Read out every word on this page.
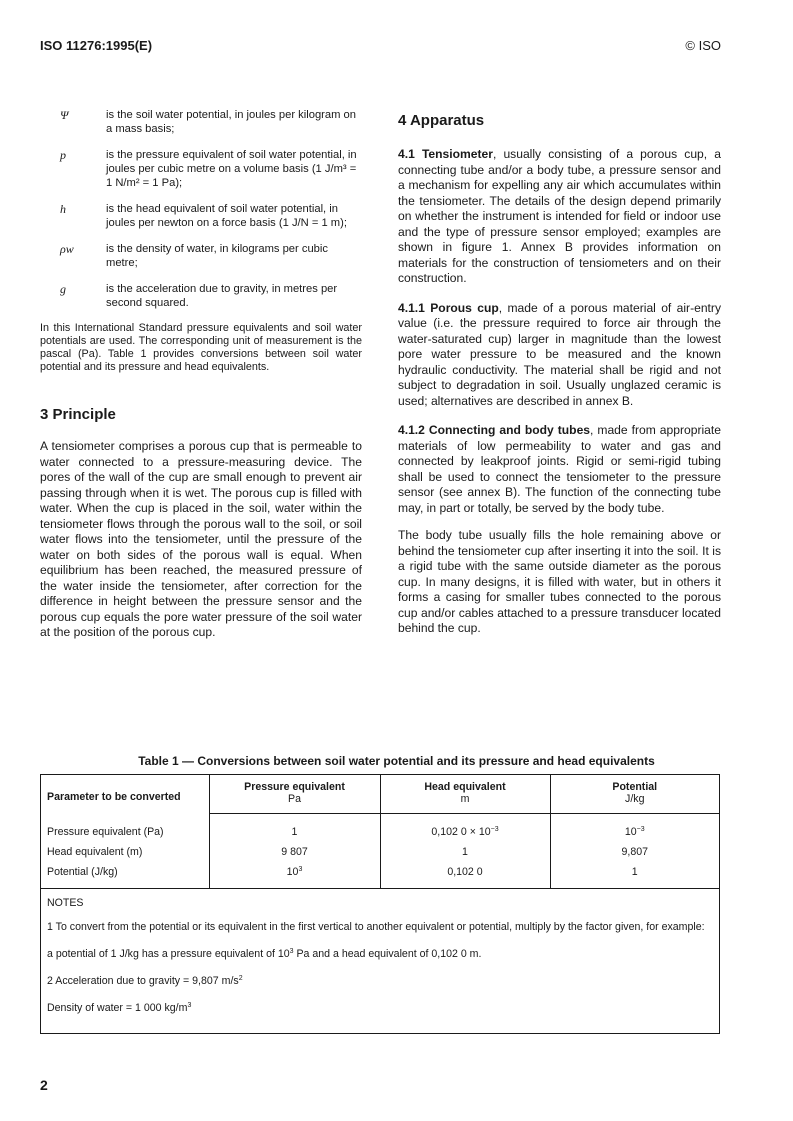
ISO 11276:1995(E)	© ISO
Ψ	is the soil water potential, in joules per kilogram on a mass basis;
p	is the pressure equivalent of soil water potential, in joules per cubic metre on a volume basis (1 J/m³ = 1 N/m² = 1 Pa);
h	is the head equivalent of soil water potential, in joules per newton on a force basis (1 J/N = 1 m);
ρw	is the density of water, in kilograms per cubic metre;
g	is the acceleration due to gravity, in metres per second squared.

In this International Standard pressure equivalents and soil water potentials are used. The corresponding unit of measurement is the pascal (Pa). Table 1 provides conversions between soil water potential and its pressure and head equivalents.

3 Principle

A tensiometer comprises a porous cup that is permeable to water connected to a pressure-measuring device. The pores of the wall of the cup are small enough to prevent air passing through when it is wet. The porous cup is filled with water. When the cup is placed in the soil, water within the tensiometer flows through the porous wall to the soil, or soil water flows into the tensiometer, until the pressure of the water on both sides of the porous wall is equal. When equilibrium has been reached, the measured pressure of the water inside the tensiometer, after correction for the difference in height between the pressure sensor and the porous cup equals the pore water pressure of the soil water at the position of the porous cup.

4 Apparatus

4.1 Tensiometer, usually consisting of a porous cup, a connecting tube and/or a body tube, a pressure sensor and a mechanism for expelling any air which accumulates within the tensiometer. The details of the design depend primarily on whether the instrument is intended for field or indoor use and the type of pressure sensor employed; examples are shown in figure 1. Annex B provides information on materials for the construction of tensiometers and on their construction.

4.1.1 Porous cup, made of a porous material of air-entry value (i.e. the pressure required to force air through the water-saturated cup) larger in magnitude than the lowest pore water pressure to be measured and the known hydraulic conductivity. The material shall be rigid and not subject to degradation in soil. Usually unglazed ceramic is used; alternatives are described in annex B.

4.1.2 Connecting and body tubes, made from appropriate materials of low permeability to water and gas and connected by leakproof joints. Rigid or semi-rigid tubing shall be used to connect the tensiometer to the pressure sensor (see annex B). The function of the connecting tube may, in part or totally, be served by the body tube.

The body tube usually fills the hole remaining above or behind the tensiometer cup after inserting it into the soil. It is a rigid tube with the same outside diameter as the porous cup. In many designs, it is filled with water, but in others it forms a casing for smaller tubes connected to the porous cup and/or cables attached to a pressure transducer located behind the cup.

Table 1 — Conversions between soil water potential and its pressure and head equivalents
Parameter to be converted	Pressure equivalent	Head equivalent	Potential
	Pa	m	J/kg
Pressure equivalent (Pa)	1	0,102 $0 \times 10^{-3}$	$10^{-3}$
Head equivalent (m)	9 807	1	9,807
Potential (J/kg)	$10^3$	0,102 0	1

NOTES

1 To convert from the potential or its equivalent in the first vertical to another equivalent or potential, multiply by the factor given, for example:

a potential of 1 J/kg has a pressure equivalent of $10^3$ Pa and a head equivalent of 0,102 0 m.

2 Acceleration due to gravity = 9,807 $m/s^2$

Density of water = 1 000 $kg/m^3$

2
